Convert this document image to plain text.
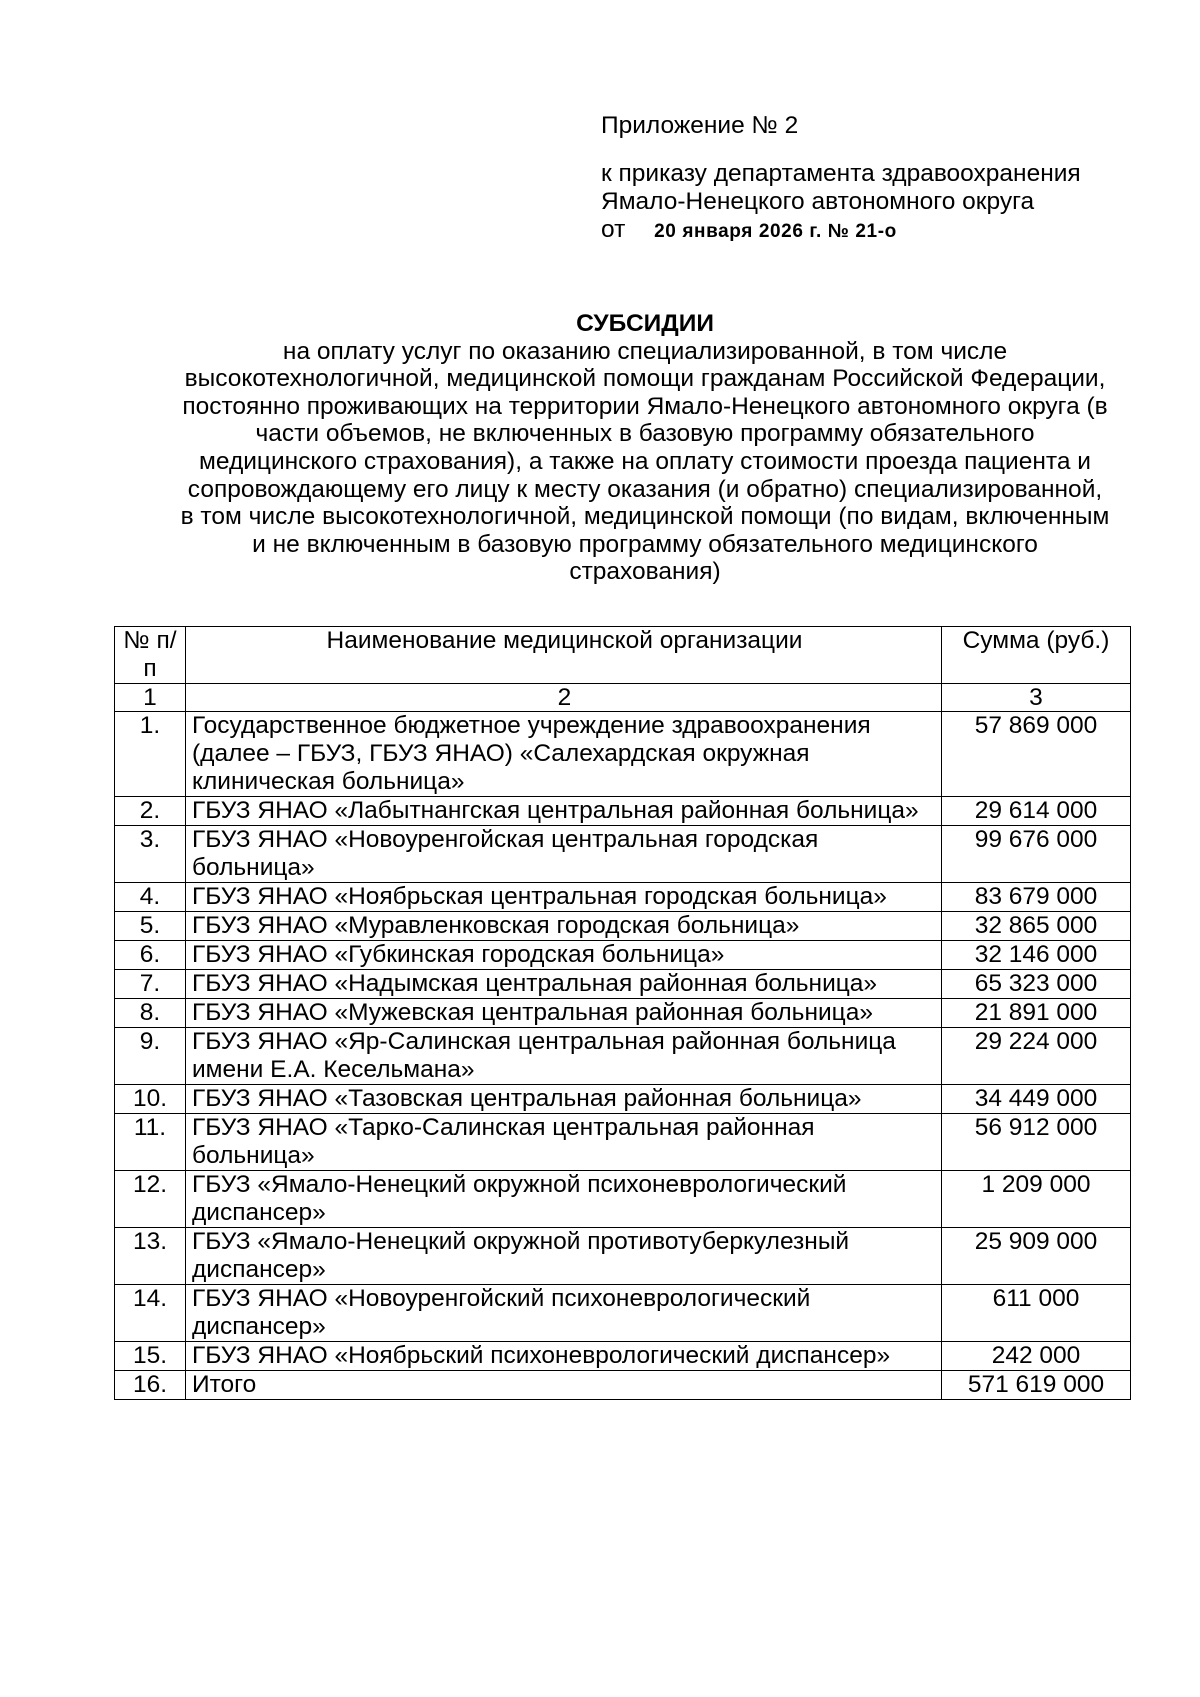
Приложение № 2
к приказу департамента здравоохранения
Ямало-Ненецкого автономного округа
от 20 января 2026 г. № 21-о
СУБСИДИИ
на оплату услуг по оказанию специализированной, в том числе
высокотехнологичной, медицинской помощи гражданам Российской Федерации,
постоянно проживающих на территории Ямало-Ненецкого автономного округа (в
части объемов, не включенных в базовую программу обязательного
медицинского страхования), а также на оплату стоимости проезда пациента и
сопровождающему его лицу к месту оказания (и обратно) специализированной,
в том числе высокотехнологичной, медицинской помощи (по видам, включенным
и не включенным в базовую программу обязательного медицинского
страхования)
№ п/п	Наименование медицинской организации	Сумма (руб.)
1	2	3
1.	Государственное бюджетное учреждение здравоохранения (далее – ГБУЗ, ГБУЗ ЯНАО) «Салехардская окружная клиническая больница»	57 869 000
2.	ГБУЗ ЯНАО «Лабытнангская центральная районная больница»	29 614 000
3.	ГБУЗ ЯНАО «Новоуренгойская центральная городская больница»	99 676 000
4.	ГБУЗ ЯНАО «Ноябрьская центральная городская больница»	83 679 000
5.	ГБУЗ ЯНАО «Муравленковская городская больница»	32 865 000
6.	ГБУЗ ЯНАО «Губкинская городская больница»	32 146 000
7.	ГБУЗ ЯНАО «Надымская центральная районная больница»	65 323 000
8.	ГБУЗ ЯНАО «Мужевская центральная районная больница»	21 891 000
9.	ГБУЗ ЯНАО «Яр-Салинская центральная районная больница имени Е.А. Кесельмана»	29 224 000
10.	ГБУЗ ЯНАО «Тазовская центральная районная больница»	34 449 000
11.	ГБУЗ ЯНАО «Тарко-Салинская центральная районная больница»	56 912 000
12.	ГБУЗ «Ямало-Ненецкий окружной психоневрологический диспансер»	1 209 000
13.	ГБУЗ «Ямало-Ненецкий окружной противотуберкулезный диспансер»	25 909 000
14.	ГБУЗ ЯНАО «Новоуренгойский психоневрологический диспансер»	611 000
15.	ГБУЗ ЯНАО «Ноябрьский психоневрологический диспансер»	242 000
16.	Итого	571 619 000
